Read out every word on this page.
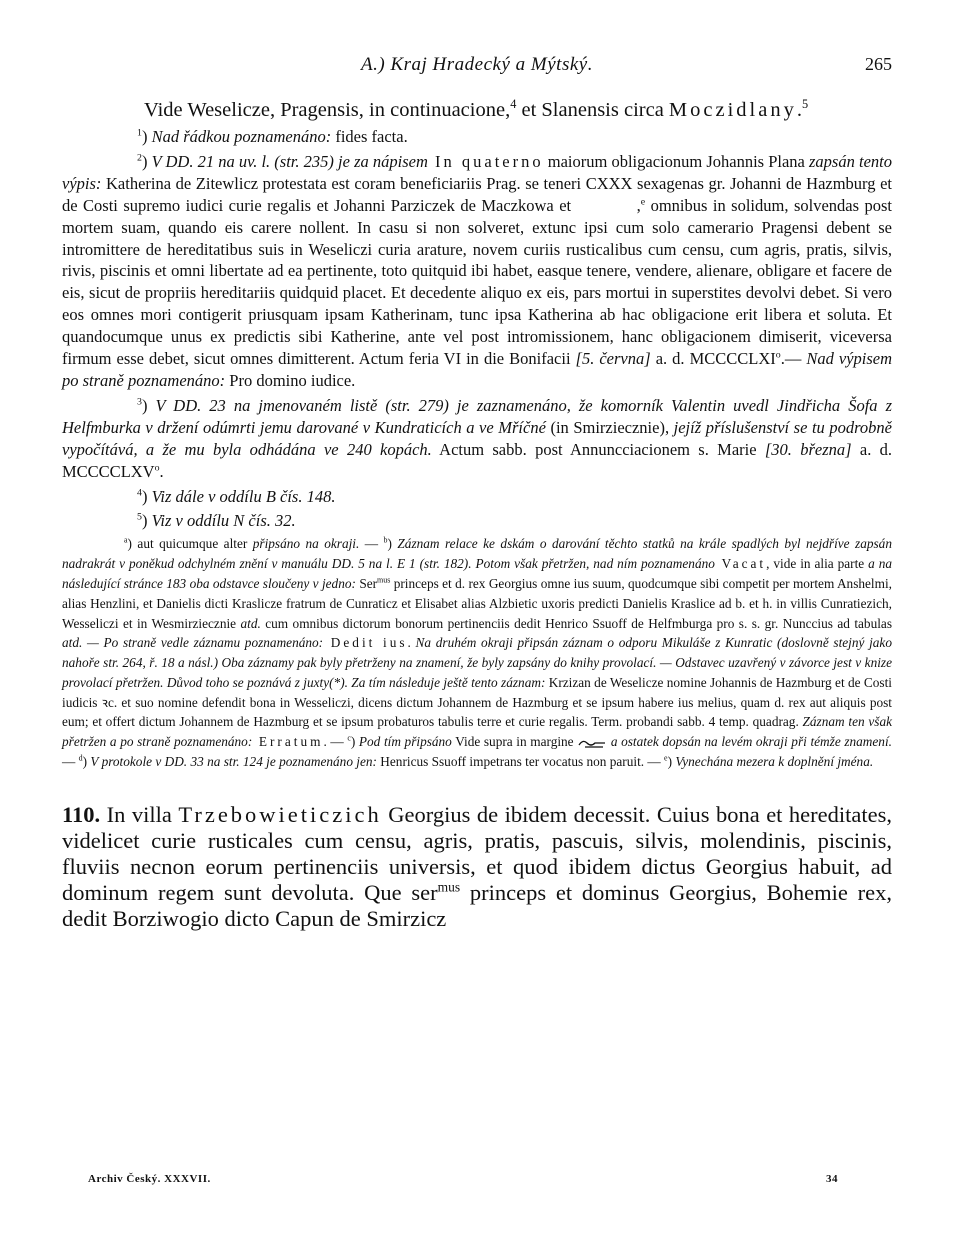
A.) Kraj Hradecký a Mýtský.	265

Vide Weselicze, Pragensis, in continuacione,$^4$ et Slanensis circa Moczidlany.$^5$

$^1$) Nad řádkou poznamenáno: fides facta.

$^2$) V DD. 21 na uv. l. (str. 235) je za nápisem In quaterno maiorum obligacionum Johannis Plana zapsán tento výpis: Katherina de Zitewlicz protestata est coram beneficiariis Prag. se teneri CXXX sexagenas gr. Johanni de Hazmburg et de Costi supremo iudici curie regalis et Johanni Parziczek de Maczkowa et	,$^e$ omnibus in solidum, solvendas post mortem suam, quando eis carere nollent. In casu si non solveret, extunc ipsi cum solo camerario Pragensi debent se intromittere de hereditatibus suis in Weseliczi curia arature, novem curiis rusticalibus cum censu, cum agris, pratis, silvis, rivis, piscinis et omni libertate ad ea pertinente, toto quitquid ibi habet, easque tenere, vendere, alienare, obligare et facere de eis, sicut de propriis hereditariis quidquid placet. Et decedente aliquo ex eis, pars mortui in superstites devolvi debet. Si vero eos omnes mori contigerit priusquam ipsam Katherinam, tunc ipsa Katherina ab hac obligacione erit libera et soluta. Et quandocumque unus ex predictis sibi Katherine, ante vel post intromissionem, hanc obligacionem dimiserit, viceversa firmum esse debet, sicut omnes dimitterent. Actum feria VI in die Bonifacii [5. června] a. d. MCCCCLXI$^o$.— Nad výpisem po straně poznamenáno: Pro domino iudice.

$^3$) V DD. 23 na jmenovaném listě (str. 279) je zaznamenáno, že komorník Valentin uvedl Jindřicha Šofa z Helfmburka v držení odúmrti jemu darované v Kundraticích a ve Mříčné (in Smirziecznie), jejíž příslušenství se tu podrobně vypočítává, a že mu byla odhádána ve 240 kopách. Actum sabb. post Annuncciacionem s. Marie [30. března] a. d. MCCCCLXV$^o$.

$^4$) Viz dále v oddílu B čís. 148.

$^5$) Viz v oddílu N čís. 32.

$^a$) aut quicumque alter připsáno na okraji. — $^b$) Záznam relace ke dskám o darování těchto statků na krále spadlých byl nejdříve zapsán nadrakrát v poněkud odchylném znění v manuálu DD. 5 na l. E 1 (str. 182). Potom však přetržen, nad ním poznamenáno Vacat, vide in alia parte a na následující stránce 183 oba odstavce sloučeny v jedno: Ser$^{mus}$ princeps et d. rex Georgius omne ius suum, quodcumque sibi competit per mortem Anshelmi, alias Henzlini, et Danielis dicti Kraslicze fratrum de Cunraticz et Elisabet alias Alzbietic uxoris predicti Danielis Kraslice ad b. et h. in villis Cunratiezich, Wesseliczi et in Wesmirziecznie atd. cum omnibus dictorum bonorum pertinenciis dedit Henrico Ssuoff de Helfmburga pro s. s. gr. Nunccius ad tabulas atd. — Po straně vedle záznamu poznamenáno: Dedit ius. Na druhém okraji připsán záznam o odporu Mikuláše z Kunratic (doslovně stejný jako nahoře str. 264, ř. 18 a násl.) Oba záznamy pak byly přetrženy na znamení, že byly zapsány do knihy provolací. — Odstavec uzavřený v závorce jest v knize provolací přetržen. Důvod toho se poznává z juxty(*). Za tím následuje ještě tento záznam: Krzizan de Weselicze nomine Johannis de Hazmburg et de Costi iudicis ꝛc. et suo nomine defendit bona in Wesseliczi, dicens dictum Johannem de Hazmburg et se ipsum habere ius melius, quam d. rex aut aliquis post eum; et offert dictum Johannem de Hazmburg et se ipsum probaturos tabulis terre et curie regalis. Term. probandi sabb. 4 temp. quadrag. Záznam ten však přetržen a po straně poznamenáno: Erratum. — $^c$) Pod tím připsáno Vide supra in margine	a ostatek dopsán na levém okraji při témže znamení. — $^d$) V protokole v DD. 33 na str. 124 je poznamenáno jen: Henricus Ssuoff impetrans ter vocatus non paruit. — $^e$) Vynechána mezera k doplnění jména.

110. In villa Trzebowieticzich Georgius de ibidem decessit. Cuius bona et hereditates, videlicet curie rusticales cum censu, agris, pratis, pascuis, silvis, molendinis, piscinis, fluviis necnon eorum pertinenciis universis, et quod ibidem dictus Georgius habuit, ad dominum regem sunt devoluta. Que ser$^{mus}$ princeps et dominus Georgius, Bohemie rex, dedit Borziwogio dicto Capun de Smirzicz

Archiv Český. XXXVII.	34
